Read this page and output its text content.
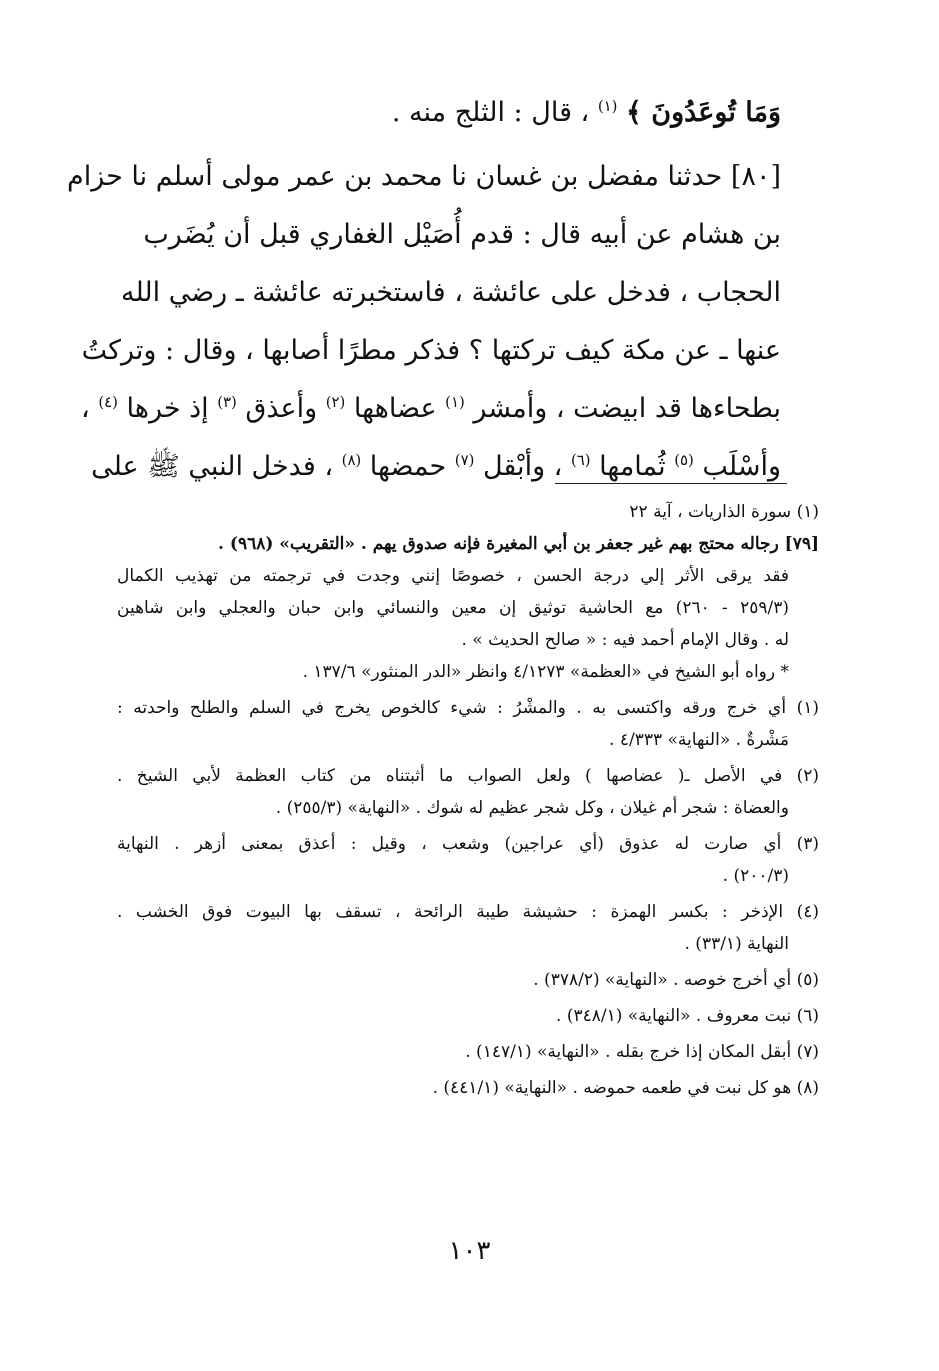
وَمَا تُوعَدُونَ ﴾ $^{(١)}$ ، قال : الثلج منه .
[٨٠] حدثنا مفضل بن غسان نا محمد بن عمر مولى أسلم نا حزام
بن هشام عن أبيه قال : قدم أُصَيْل الغفاري قبل أن يُضَرب
الحجاب ، فدخل على عائشة ، فاستخبرته عائشة ـ رضي الله
عنها ـ عن مكة كيف تركتها ؟ فذكر مطرًا أصابها ، وقال : وتركتُ
بطحاءها قد ابيضت ، وأمشر $^{(١)}$ عضاهها $^{(٢)}$ وأعذق $^{(٣)}$ إذ خرها $^{(٤)}$ ،
وأسْلَب $^{(٥)}$ ثُمامها $^{(٦)}$ ، وأبْقل $^{(٧)}$ حمضها $^{(٨)}$ ، فدخل النبي ﷺ على
(١) سورة الذاريات ، آية ٢٢
[٧٩] رجاله محتج بهم غير جعفر بن أبي المغيرة فإنه صدوق يهم . «التقريب» (٩٦٨) .
فقد يرقى الأثر إلي درجة الحسن ، خصوصًا إنني وجدت في ترجمته من تهذيب الكمال
(٢٥٩/٣ - ٢٦٠) مع الحاشية توثيق إن معين والنسائي وابن حبان والعجلي وابن شاهين
له . وقال الإمام أحمد فيه : « صالح الحديث » .
* رواه أبو الشيخ في «العظمة» ٤/١٢٧٣ وانظر «الدر المنثور» ١٣٧/٦ .
(١) أي خرج ورقه واكتسى به . والمشْرُ : شيء كالخوص يخرج في السلم والطلح واحدته :
مَشْرةٌ . «النهاية» ٤/٣٣٣ .
(٢) في الأصل ـ( عضاصها ) ولعل الصواب ما أثبتناه من كتاب العظمة لأبي الشيخ .
والعضاة : شجر أم غيلان ، وكل شجر عظيم له شوك . «النهاية» (٢٥٥/٣) .
(٣) أي صارت له عذوق (أي عراجين) وشعب ، وقيل : أعذق بمعنى أزهر . النهاية
(٢٠٠/٣) .
(٤) الإذخر : بكسر الهمزة : حشيشة طيبة الرائحة ، تسقف بها البيوت فوق الخشب .
النهاية (٣٣/١) .
(٥) أي أخرج خوصه . «النهاية» (٣٧٨/٢) .
(٦) نبت معروف . «النهاية» (٣٤٨/١) .
(٧) أبقل المكان إذا خرج بقله . «النهاية» (١٤٧/١) .
(٨) هو كل نبت في طعمه حموضه . «النهاية» (٤٤١/١) .
١٠٣
